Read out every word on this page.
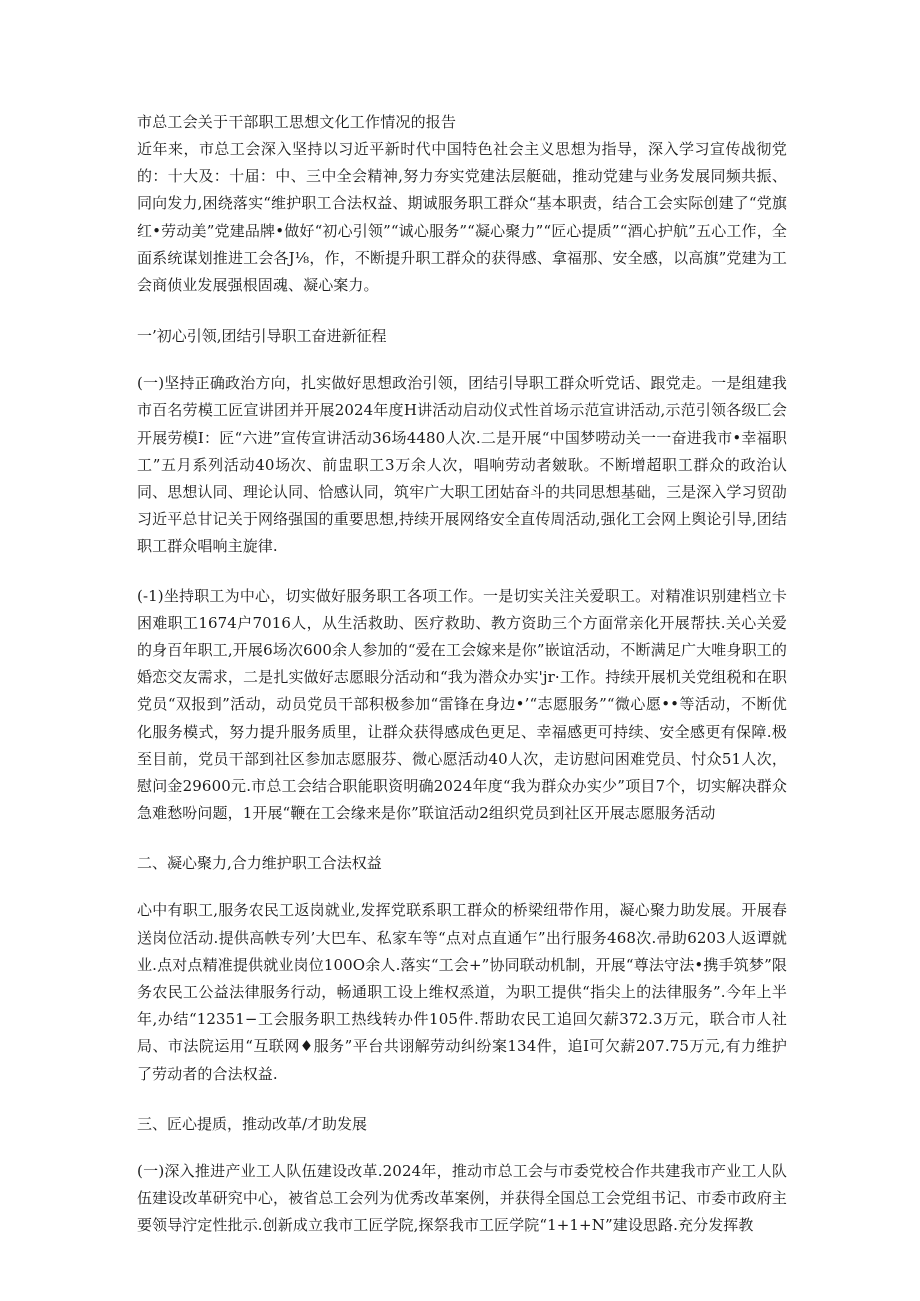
市总工会关于干部职工思想文化工作情况的报告

近年来，市总工会深入坚持以习近平新时代中国特色社会主义思想为指导，深入学习宣传战彻党的：十大及：十届：中、三中全会精神,努力夯实党建法层艇础，推动党建与业务发展同频共振、同向发力,困绕落实“维护职工合法权益、期诚服务职工群众“基本职责，结合工会实际创建了“党旗红•劳动美”党建品牌•做好“初心引领”“诚心服务”“凝心聚力”“匠心提质”“酒心护航”五心工作，全面系统谋划推进工会各J⅛，作，不断提升职工群众的获得感、拿福那、安全感，以高旗”党建为工会商侦业发展强根固魂、凝心案力。

一’初心引领,团结引导职工奋进新征程

(一)坚持正确政治方向，扎实做好思想政治引领，团结引导职工群众听党话、跟党走。一是组建我市百名劳模工匠宣讲团并开展2024年度H讲活动启动仪式性首场示范宣讲活动,示范引领各级匸会开展劳模I：匠“六进”宣传宣讲活动36场4480人次.二是开展“中国梦唠动关一一奋进我市•幸福职工”五月系列活动40场次、前盅职工3万余人次，唱响劳动者皴耿。不断增超职工群众的政治认同、思想认同、理论认同、恰感认同，筑牢广大职工团姑奋斗的共同思想基础，三是深入学习贸劭习近平总甘记关于网络强国的重要思想,持续开展网络安全直传周活动,强化工会网上舆论引导,团结职工群众唱响主旋律.

(-1)坐持职工为中心，切实做好服务职工各项工作。一是切实关注关爱职工。对精准识别建档立卡困难职工1674户7016人，从生活救助、医疗救助、教方资助三个方面常亲化开展帮扶.关心关爱的身百年职工,开展6场次600余人参加的“爱在工会嫁来是你”嵌谊活动，不断满足广大唯身职工的婚恋交友需求，二是扎实做好志愿眼分活动和“我为潜众办实'jr·工作。持续开展机关党组税和在职党员“双报到”活动，动员党员干部积极参加“雷锋在身边•’“志愿服务”“微心愿••等活动，不断优化服务模式，努力提升服务质里，让群众获得感成色更足、幸福感更可持续、安全感更有保障.极至目前，党员干部到社区参加志愿服芬、微心愿活动40人次，走访慰问困难党员、忖众51人次，慰问金29600元.市总工会结合职能职资明确2024年度“我为群众办实少”项目7个，切实解决群众急难愁吩问题，1开展“鞭在工会缘来是你”联谊活动2组织党员到社区开展志愿服务活动

二、凝心聚力,合力维护职工合法权益

心中有职工,服务农民工返岗就业,发挥党联系职工群众的桥梁纽带作用，凝心聚力助发展。开展春送岗位活动.提供高帙专列’大巴车、私家车等“点对点直通乍”出行服务468次.帚助6203人返谭就业.点对点精准提供就业岗位100O余人.落实“工会+”协同联动机制，开展“尊法守法•携手筑梦”限务农民工公益法律服务行动，畅通职工设上维权烝道，为职工提供“指尖上的法律服务”.今年上半年,办结“12351−工会服务职工热线转办件105件.帮助农民工追回欠薪372.3万元，联合市人社局、市法院运用“互联网♦服务”平台共诩解劳动纠纷案134件，追I可欠薪207.75万元,有力维护了劳动者的合法权益.

三、匠心提质，推动改革/才助发展

(一)深入推进产业工人队伍建设改革.2024年，推动市总工会与市委党校合作共建我市产业工人队伍建设改革研究中心，被省总工会列为优秀改革案例，并获得全国总工会党组书记、市委市政府主要领导泞定性批示.创新成立我市工匠学院,探祭我市工匠学院“1+1+N”建设思路.充分发挥教
